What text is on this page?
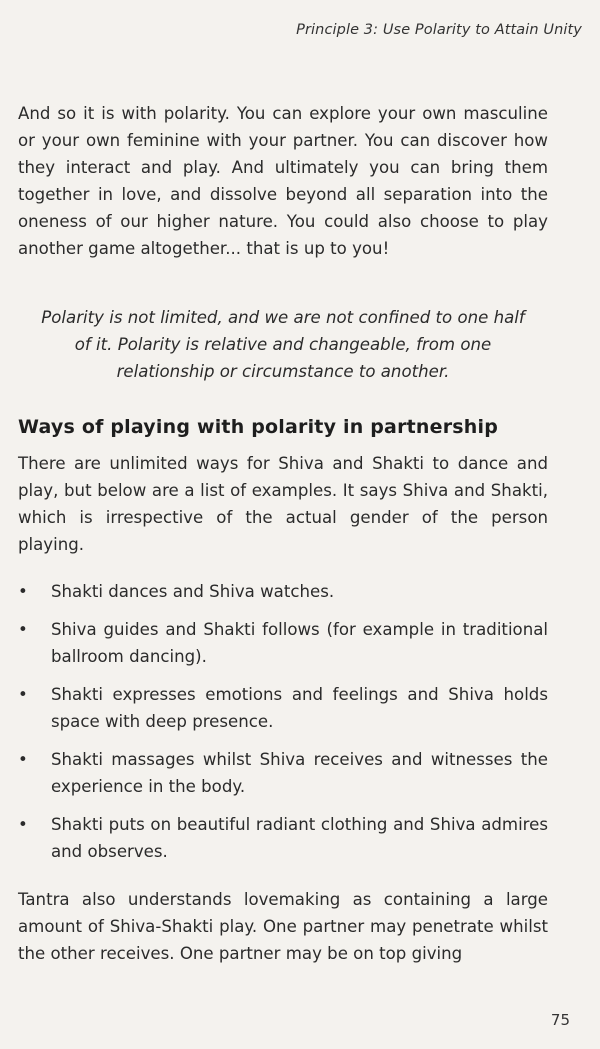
Principle 3: Use Polarity to Attain Unity

And so it is with polarity. You can explore your own masculine or your own feminine with your partner. You can discover how they interact and play. And ultimately you can bring them together in love, and dissolve beyond all separation into the oneness of our higher nature. You could also choose to play another game altogether... that is up to you!

Polarity is not limited, and we are not confined to one half of it. Polarity is relative and changeable, from one relationship or circumstance to another.

Ways of playing with polarity in partnership

There are unlimited ways for Shiva and Shakti to dance and play, but below are a list of examples. It says Shiva and Shakti, which is irrespective of the actual gender of the person playing.

•	Shakti dances and Shiva watches.
•	Shiva guides and Shakti follows (for example in traditional ballroom dancing).
•	Shakti expresses emotions and feelings and Shiva holds space with deep presence.
•	Shakti massages whilst Shiva receives and witnesses the experience in the body.
•	Shakti puts on beautiful radiant clothing and Shiva admires and observes.

Tantra also understands lovemaking as containing a large amount of Shiva-Shakti play. One partner may penetrate whilst the other receives. One partner may be on top giving

75
